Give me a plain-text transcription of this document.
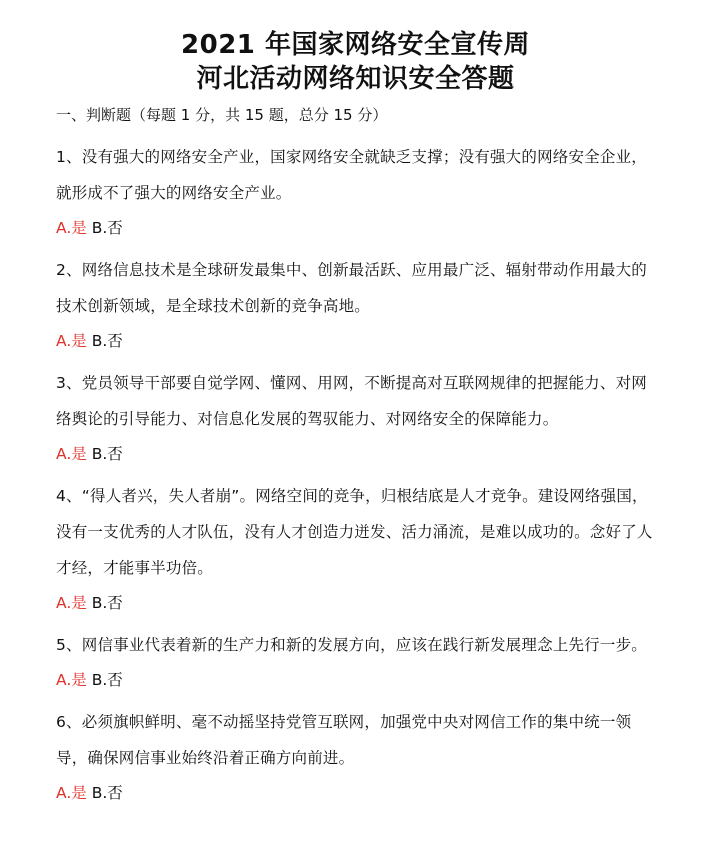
2021 年国家网络安全宣传周
河北活动网络知识安全答题

一、判断题（每题 1 分，共 15 题，总分 15 分）

1、没有强大的网络安全产业，国家网络安全就缺乏支撑；没有强大的网络安全企业，就形成不了强大的网络安全产业。

A.是 B.否

2、网络信息技术是全球研发最集中、创新最活跃、应用最广泛、辐射带动作用最大的技术创新领域，是全球技术创新的竞争高地。

A.是 B.否

3、党员领导干部要自觉学网、懂网、用网，不断提高对互联网规律的把握能力、对网络舆论的引导能力、对信息化发展的驾驭能力、对网络安全的保障能力。

A.是 B.否

4、“得人者兴，失人者崩”。网络空间的竞争，归根结底是人才竞争。建设网络强国，没有一支优秀的人才队伍，没有人才创造力迸发、活力涌流，是难以成功的。念好了人才经，才能事半功倍。

A.是 B.否

5、网信事业代表着新的生产力和新的发展方向，应该在践行新发展理念上先行一步。

A.是 B.否

6、必须旗帜鲜明、毫不动摇坚持党管互联网，加强党中央对网信工作的集中统一领导，确保网信事业始终沿着正确方向前进。

A.是 B.否
